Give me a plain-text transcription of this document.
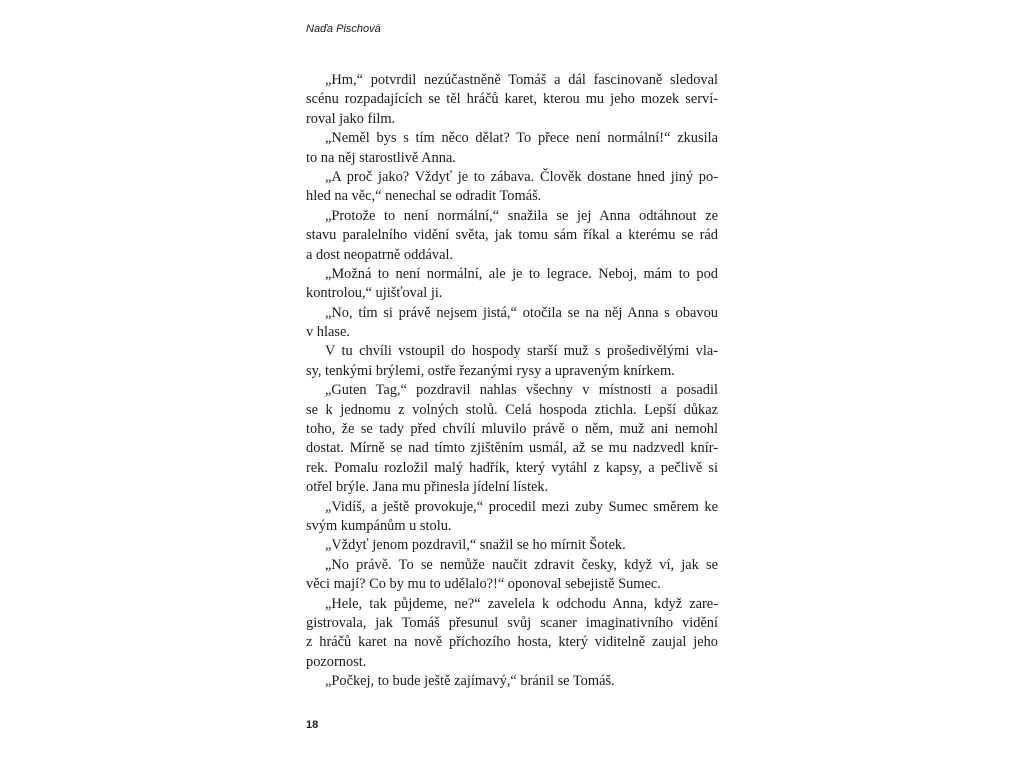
Naďa Pischová
„Hm,“ potvrdil nezúčastněně Tomáš a dál fascinovaně sledoval
scénu rozpadajících se těl hráčů karet, kterou mu jeho mozek serví-
roval jako film.
„Neměl bys s tím něco dělat? To přece není normální!“ zkusila
to na něj starostlivě Anna.
„A proč jako? Vždyť je to zábava. Člověk dostane hned jiný po-
hled na věc,“ nenechal se odradit Tomáš.
„Protože to není normální,“ snažila se jej Anna odtáhnout ze
stavu paralelního vidění světa, jak tomu sám říkal a kterému se rád
a dost neopatrně oddával.
„Možná to není normální, ale je to legrace. Neboj, mám to pod
kontrolou,“ ujišťoval ji.
„No, tím si právě nejsem jistá,“ otočila se na něj Anna s obavou
v hlase.
V tu chvíli vstoupil do hospody starší muž s prošedivělými vla-
sy, tenkými brýlemi, ostře řezanými rysy a upraveným knírkem.
„Guten Tag,“ pozdravil nahlas všechny v místnosti a posadil
se k jednomu z volných stolů. Celá hospoda ztichla. Lepší důkaz
toho, že se tady před chvílí mluvilo právě o něm, muž ani nemohl
dostat. Mírně se nad tímto zjištěním usmál, až se mu nadzvedl knír-
rek. Pomalu rozložil malý hadřík, který vytáhl z kapsy, a pečlivě si
otřel brýle. Jana mu přinesla jídelní lístek.
„Vidíš, a ještě provokuje,“ procedil mezi zuby Sumec směrem ke
svým kumpánům u stolu.
„Vždyť jenom pozdravil,“ snažil se ho mírnit Šotek.
„No právě. To se nemůže naučit zdravit česky, když ví, jak se
věci mají? Co by mu to udělalo?!“ oponoval sebejistě Sumec.
„Hele, tak půjdeme, ne?“ zavelela k odchodu Anna, když zare-
gistrovala, jak Tomáš přesunul svůj scaner imaginativního vidění
z hráčů karet na nově příchozího hosta, který viditelně zaujal jeho
pozornost.
„Počkej, to bude ještě zajímavý,“ bránil se Tomáš.
18
